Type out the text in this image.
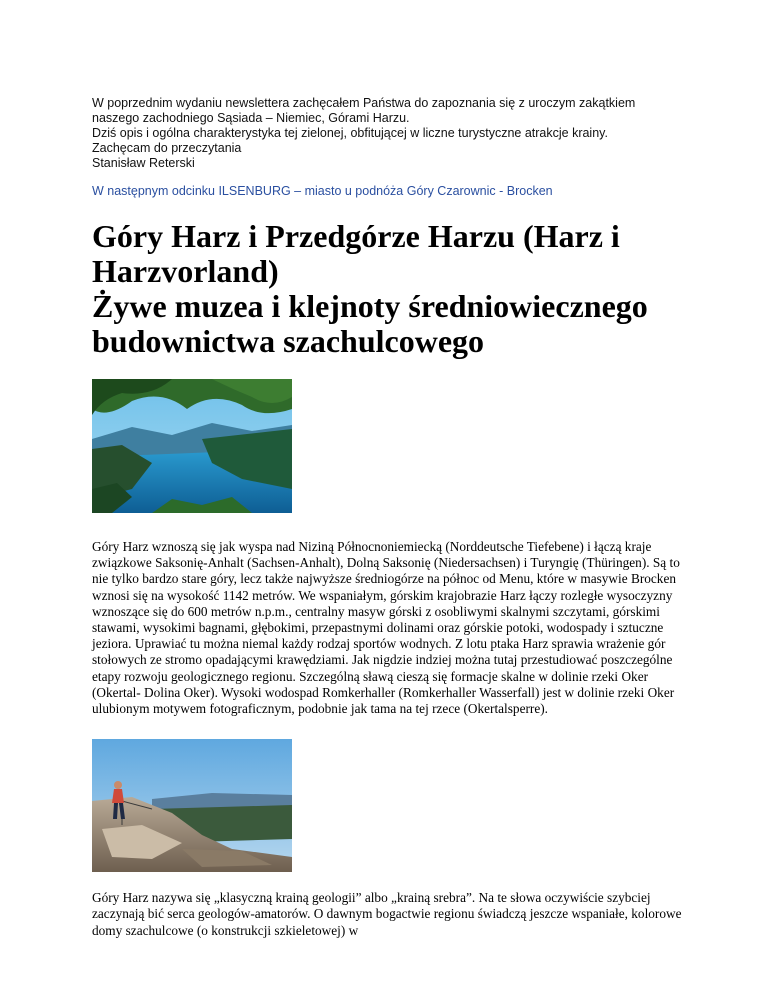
W poprzednim wydaniu newslettera zachęcałem Państwa do zapoznania się z uroczym zakątkiem
naszego zachodniego Sąsiada – Niemiec, Górami Harzu.
Dziś opis i ogólna charakterystyka tej zielonej, obfitującej w liczne turystyczne atrakcje krainy.
Zachęcam do przeczytania
Stanisław Reterski
W następnym odcinku ILSENBURG – miasto u podnóża Góry Czarownic - Brocken
Góry Harz i Przedgórze Harzu (Harz i
Harzvorland)
Żywe muzea i klejnoty średniowiecznego
budownictwa szachulcowego
Góry Harz wznoszą się jak wyspa nad Niziną Północnoniemiecką (Norddeutsche Tiefebene) i łączą kraje związkowe Saksonię-Anhalt (Sachsen-Anhalt), Dolną Saksonię (Niedersachsen) i Turyngię (Thüringen). Są to nie tylko bardzo stare góry, lecz także najwyższe średniogórze na północ od Menu, które w masywie Brocken wznosi się na wysokość 1142 metrów. We wspaniałym, górskim krajobrazie Harz łączy rozległe wysoczyzny wznoszące się do 600 metrów n.p.m., centralny masyw górski z osobliwymi skalnymi szczytami, górskimi stawami, wysokimi bagnami, głębokimi, przepastnymi dolinami oraz górskie potoki, wodospady i sztuczne jeziora. Uprawiać tu można niemal każdy rodzaj sportów wodnych. Z lotu ptaka Harz sprawia wrażenie gór stołowych ze stromo opadającymi krawędziami. Jak nigdzie indziej można tutaj przestudiować poszczególne etapy rozwoju geologicznego regionu. Szczególną sławą cieszą się formacje skalne w dolinie rzeki Oker (Okertal- Dolina Oker). Wysoki wodospad Romkerhaller (Romkerhaller Wasserfall) jest w dolinie rzeki Oker ulubionym motywem fotograficznym, podobnie jak tama na tej rzece (Okertalsperre).
Góry Harz nazywa się „klasyczną krainą geologii” albo „krainą srebra”. Na te słowa oczywiście szybciej zaczynają bić serca geologów-amatorów. O dawnym bogactwie regionu świadczą jeszcze wspaniałe, kolorowe domy szachulcowe (o konstrukcji szkieletowej) w
